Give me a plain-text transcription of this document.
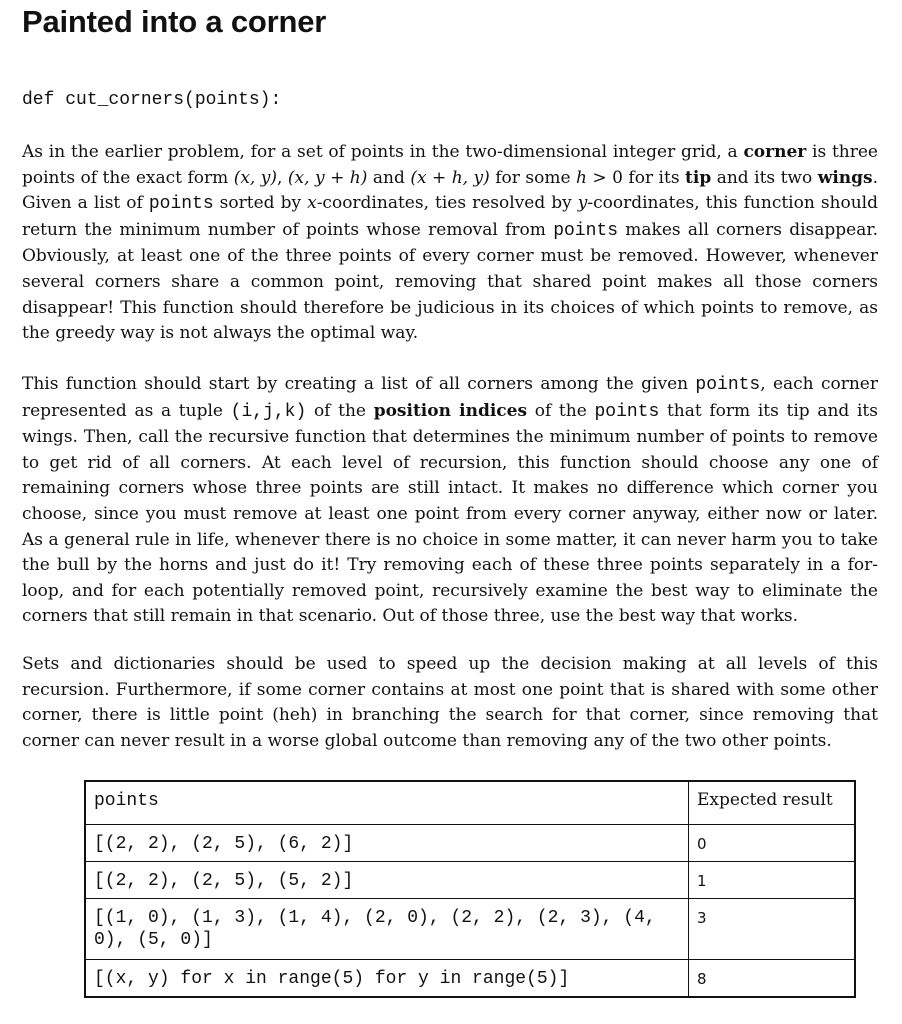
Painted into a corner
def cut_corners(points):

As in the earlier problem, for a set of points in the two-dimensional integer grid, a corner is three points of the exact form (x, y), (x, y + h) and (x + h, y) for some h > 0 for its tip and its two wings. Given a list of points sorted by x-coordinates, ties resolved by y-coordinates, this function should return the minimum number of points whose removal from points makes all corners disappear. Obviously, at least one of the three points of every corner must be removed. However, whenever several corners share a common point, removing that shared point makes all those corners disappear! This function should therefore be judicious in its choices of which points to remove, as the greedy way is not always the optimal way.

This function should start by creating a list of all corners among the given points, each corner represented as a tuple (i,j,k) of the position indices of the points that form its tip and its wings. Then, call the recursive function that determines the minimum number of points to remove to get rid of all corners. At each level of recursion, this function should choose any one of remaining corners whose three points are still intact. It makes no difference which corner you choose, since you must remove at least one point from every corner anyway, either now or later. As a general rule in life, whenever there is no choice in some matter, it can never harm you to take the bull by the horns and just do it! Try removing each of these three points separately in a for-loop, and for each potentially removed point, recursively examine the best way to eliminate the corners that still remain in that scenario. Out of those three, use the best way that works.

Sets and dictionaries should be used to speed up the decision making at all levels of this recursion. Furthermore, if some corner contains at most one point that is shared with some other corner, there is little point (heh) in branching the search for that corner, since removing that corner can never result in a worse global outcome than removing any of the two other points.

points	Expected result
[(2, 2), (2, 5), (6, 2)]	0
[(2, 2), (2, 5), (5, 2)]	1
[(1, 0), (1, 3), (1, 4), (2, 0), (2, 2), (2, 3), (4, 0), (5, 0)]	3
[(x, y) for x in range(5) for y in range(5)]	8
